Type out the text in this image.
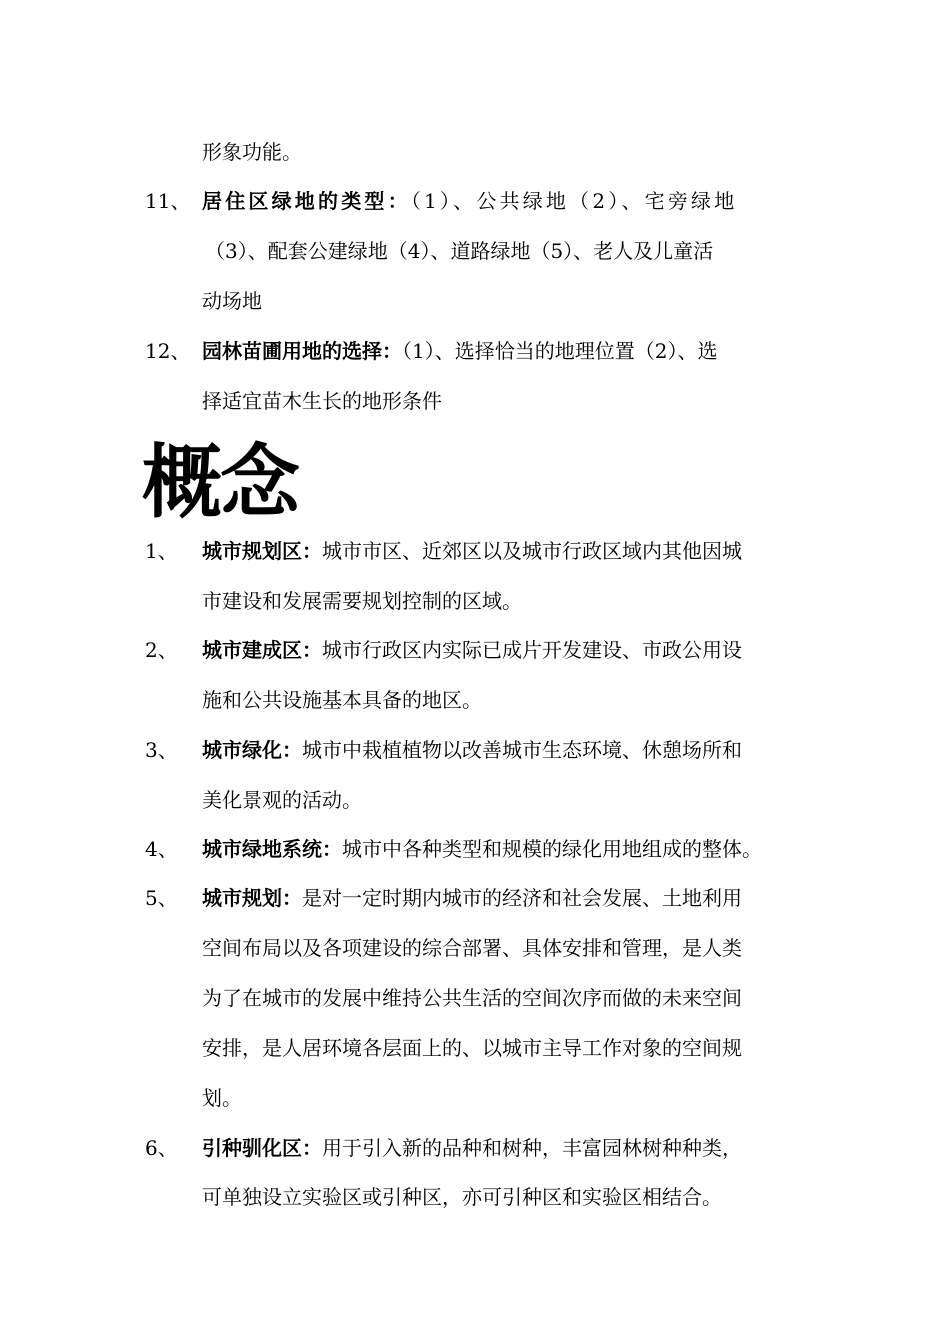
形象功能。
11、 居住区绿地的类型：（1）、公共绿地（2）、宅旁绿地
（3）、配套公建绿地（4）、道路绿地（5）、老人及儿童活
动场地
12、 园林苗圃用地的选择：（1）、选择恰当的地理位置（2）、选
择适宜苗木生长的地形条件
概念
1、 城市规划区：城市市区、近郊区以及城市行政区域内其他因城
市建设和发展需要规划控制的区域。
2、 城市建成区：城市行政区内实际已成片开发建设、市政公用设
施和公共设施基本具备的地区。
3、 城市绿化：城市中栽植植物以改善城市生态环境、休憩场所和
美化景观的活动。
4、 城市绿地系统：城市中各种类型和规模的绿化用地组成的整体。
5、 城市规划：是对一定时期内城市的经济和社会发展、土地利用
空间布局以及各项建设的综合部署、具体安排和管理，是人类
为了在城市的发展中维持公共生活的空间次序而做的未来空间
安排，是人居环境各层面上的、以城市主导工作对象的空间规
划。
6、 引种驯化区：用于引入新的品种和树种，丰富园林树种种类，
可单独设立实验区或引种区，亦可引种区和实验区相结合。
